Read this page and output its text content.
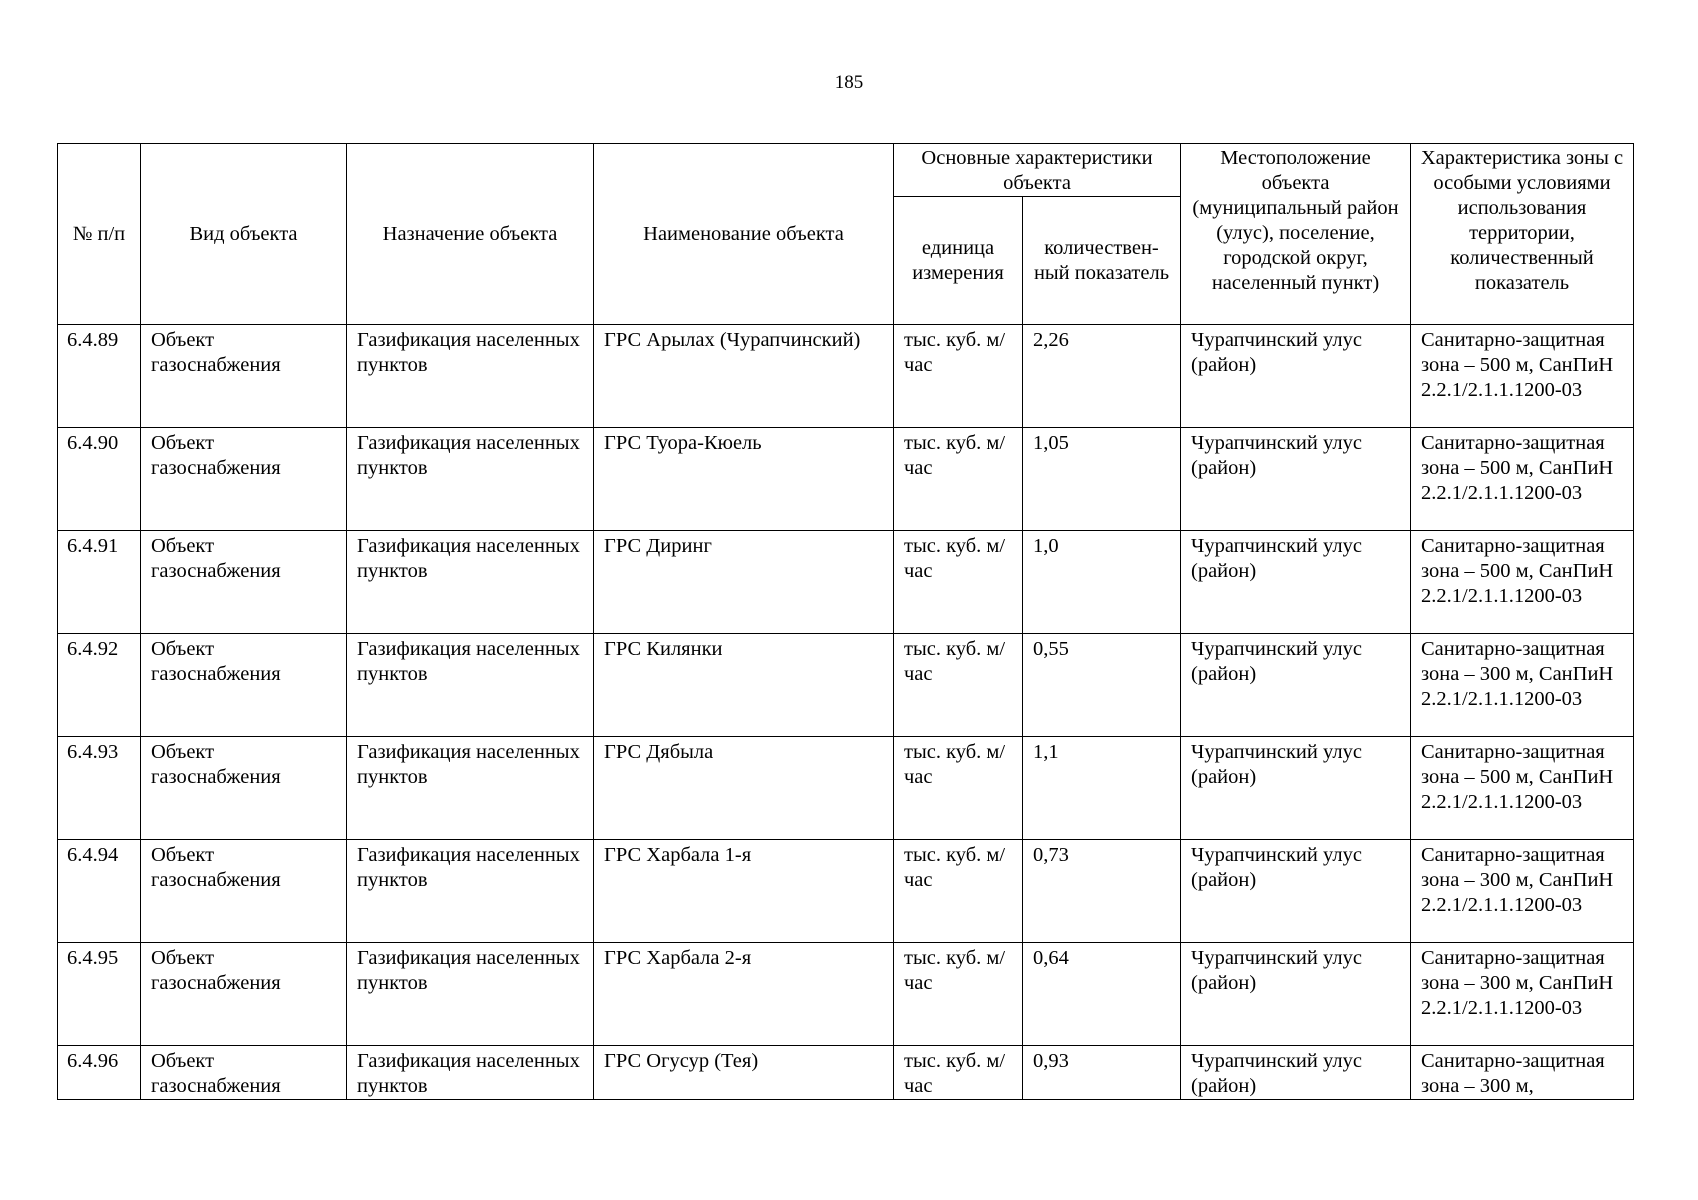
185
№ п/п	Вид объекта	Назначение объекта	Наименование объекта	Основные характеристики объекта		Местоположение объекта (муниципальный район (улус), поселение, городской округ, населенный пункт)	Характеристика зоны с особыми условиями использования территории, количественный показатель
				единица измерения	количествен-ный показатель		
6.4.89	Объект газоснабжения	Газификация населенных пунктов	ГРС Арылах (Чурапчинский)	тыс. куб. м/час	2,26	Чурапчинский улус (район)	Санитарно-защитная зона – 500 м, СанПиН 2.2.1/2.1.1.1200-03
6.4.90	Объект газоснабжения	Газификация населенных пунктов	ГРС Туора-Кюель	тыс. куб. м/час	1,05	Чурапчинский улус (район)	Санитарно-защитная зона – 500 м, СанПиН 2.2.1/2.1.1.1200-03
6.4.91	Объект газоснабжения	Газификация населенных пунктов	ГРС Диринг	тыс. куб. м/час	1,0	Чурапчинский улус (район)	Санитарно-защитная зона – 500 м, СанПиН 2.2.1/2.1.1.1200-03
6.4.92	Объект газоснабжения	Газификация населенных пунктов	ГРС Килянки	тыс. куб. м/час	0,55	Чурапчинский улус (район)	Санитарно-защитная зона – 300 м, СанПиН 2.2.1/2.1.1.1200-03
6.4.93	Объект газоснабжения	Газификация населенных пунктов	ГРС Дябыла	тыс. куб. м/час	1,1	Чурапчинский улус (район)	Санитарно-защитная зона – 500 м, СанПиН 2.2.1/2.1.1.1200-03
6.4.94	Объект газоснабжения	Газификация населенных пунктов	ГРС Харбала 1-я	тыс. куб. м/час	0,73	Чурапчинский улус (район)	Санитарно-защитная зона – 300 м, СанПиН 2.2.1/2.1.1.1200-03
6.4.95	Объект газоснабжения	Газификация населенных пунктов	ГРС Харбала 2-я	тыс. куб. м/час	0,64	Чурапчинский улус (район)	Санитарно-защитная зона – 300 м, СанПиН 2.2.1/2.1.1.1200-03
6.4.96	Объект газоснабжения	Газификация населенных пунктов	ГРС Огусур (Тея)	тыс. куб. м/час	0,93	Чурапчинский улус (район)	Санитарно-защитная зона – 300 м,
